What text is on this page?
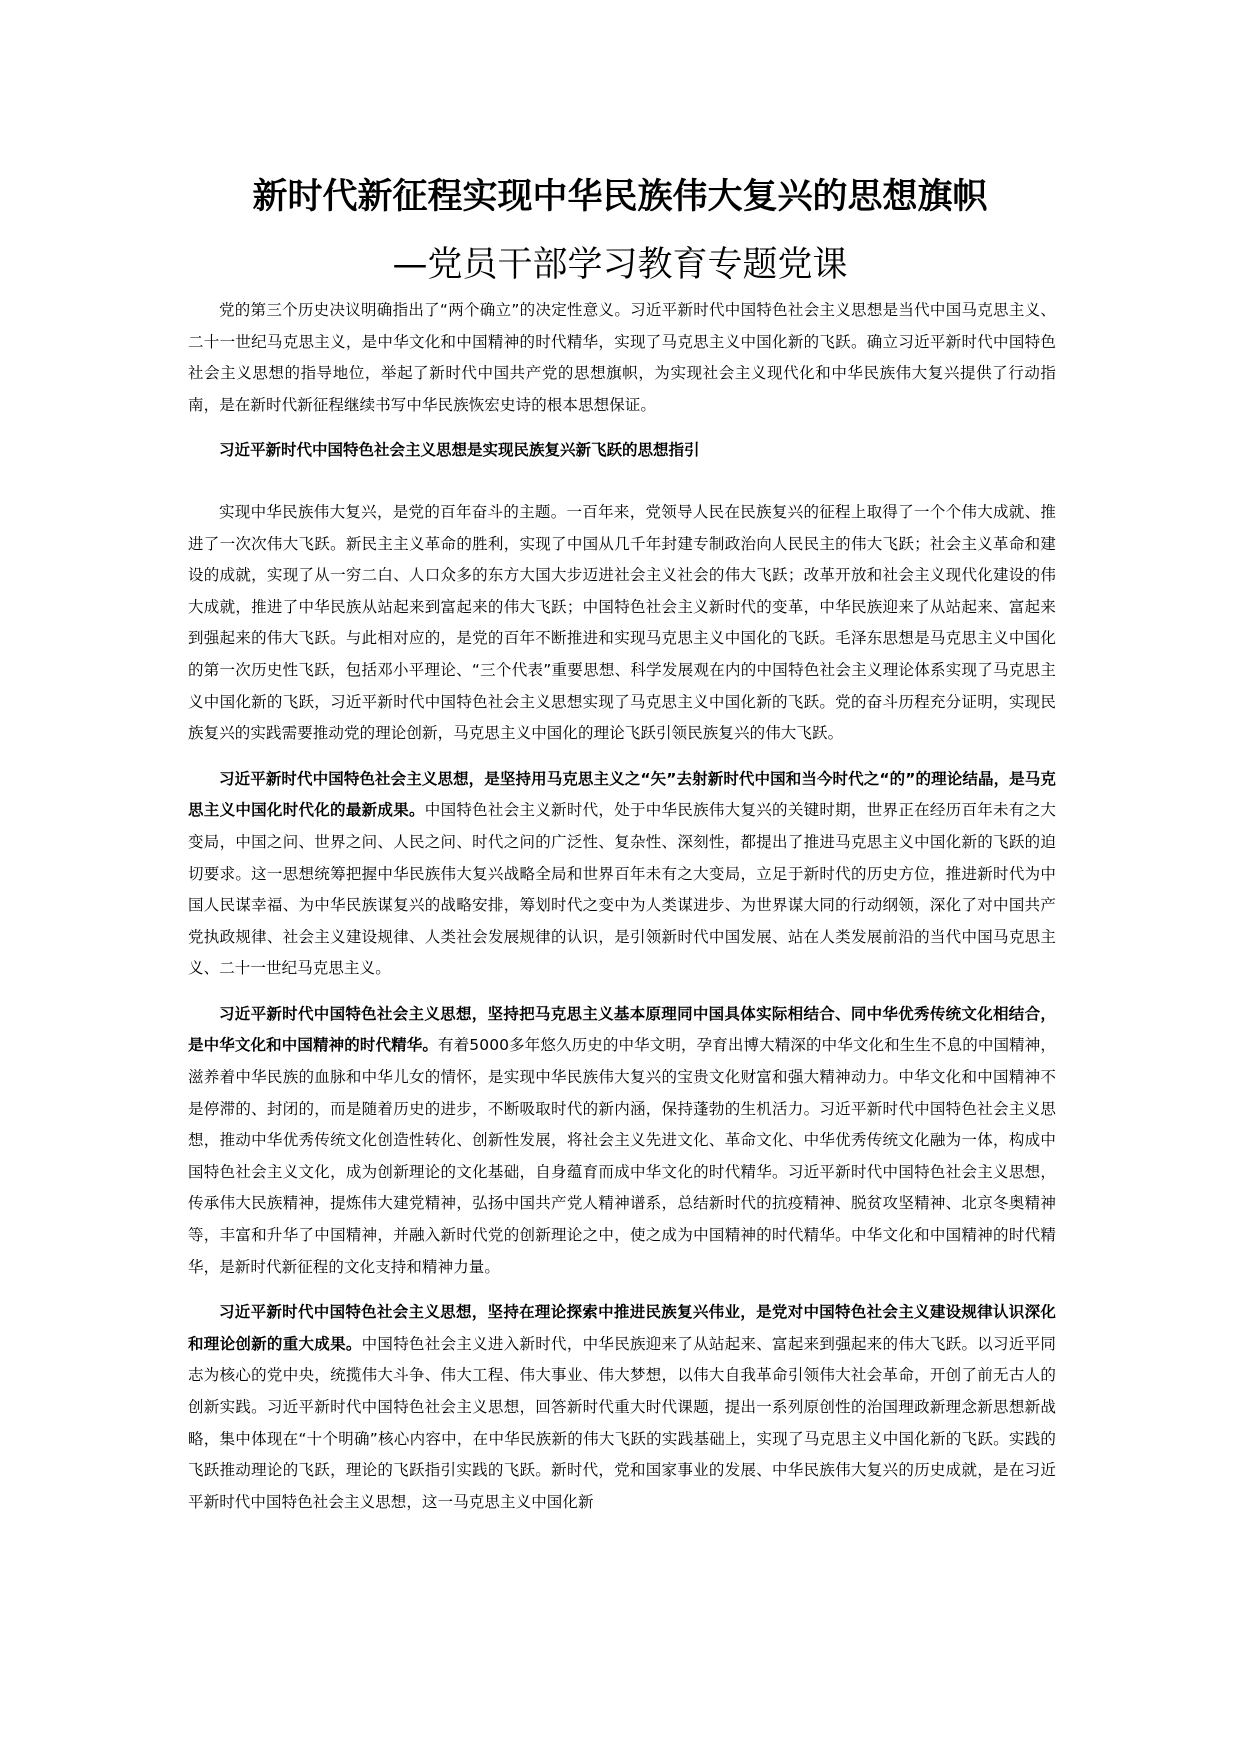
新时代新征程实现中华民族伟大复兴的思想旗帜
—党员干部学习教育专题党课

党的第三个历史决议明确指出了“两个确立”的决定性意义。习近平新时代中国特色社会主义思想是当代中国马克思主义、二十一世纪马克思主义，是中华文化和中国精神的时代精华，实现了马克思主义中国化新的飞跃。确立习近平新时代中国特色社会主义思想的指导地位，举起了新时代中国共产党的思想旗帜，为实现社会主义现代化和中华民族伟大复兴提供了行动指南，是在新时代新征程继续书写中华民族恢宏史诗的根本思想保证。

习近平新时代中国特色社会主义思想是实现民族复兴新飞跃的思想指引

实现中华民族伟大复兴，是党的百年奋斗的主题。一百年来，党领导人民在民族复兴的征程上取得了一个个伟大成就、推进了一次次伟大飞跃。新民主主义革命的胜利，实现了中国从几千年封建专制政治向人民民主的伟大飞跃；社会主义革命和建设的成就，实现了从一穷二白、人口众多的东方大国大步迈进社会主义社会的伟大飞跃；改革开放和社会主义现代化建设的伟大成就，推进了中华民族从站起来到富起来的伟大飞跃；中国特色社会主义新时代的变革，中华民族迎来了从站起来、富起来到强起来的伟大飞跃。与此相对应的，是党的百年不断推进和实现马克思主义中国化的飞跃。毛泽东思想是马克思主义中国化的第一次历史性飞跃，包括邓小平理论、“三个代表”重要思想、科学发展观在内的中国特色社会主义理论体系实现了马克思主义中国化新的飞跃，习近平新时代中国特色社会主义思想实现了马克思主义中国化新的飞跃。党的奋斗历程充分证明，实现民族复兴的实践需要推动党的理论创新，马克思主义中国化的理论飞跃引领民族复兴的伟大飞跃。

习近平新时代中国特色社会主义思想，是坚持用马克思主义之“矢”去射新时代中国和当今时代之“的”的理论结晶，是马克思主义中国化时代化的最新成果。中国特色社会主义新时代，处于中华民族伟大复兴的关键时期，世界正在经历百年未有之大变局，中国之问、世界之问、人民之问、时代之问的广泛性、复杂性、深刻性，都提出了推进马克思主义中国化新的飞跃的迫切要求。这一思想统筹把握中华民族伟大复兴战略全局和世界百年未有之大变局，立足于新时代的历史方位，推进新时代为中国人民谋幸福、为中华民族谋复兴的战略安排，筹划时代之变中为人类谋进步、为世界谋大同的行动纲领，深化了对中国共产党执政规律、社会主义建设规律、人类社会发展规律的认识，是引领新时代中国发展、站在人类发展前沿的当代中国马克思主义、二十一世纪马克思主义。

习近平新时代中国特色社会主义思想，坚持把马克思主义基本原理同中国具体实际相结合、同中华优秀传统文化相结合，是中华文化和中国精神的时代精华。有着5000多年悠久历史的中华文明，孕育出博大精深的中华文化和生生不息的中国精神，滋养着中华民族的血脉和中华儿女的情怀，是实现中华民族伟大复兴的宝贵文化财富和强大精神动力。中华文化和中国精神不是停滞的、封闭的，而是随着历史的进步，不断吸取时代的新内涵，保持蓬勃的生机活力。习近平新时代中国特色社会主义思想，推动中华优秀传统文化创造性转化、创新性发展，将社会主义先进文化、革命文化、中华优秀传统文化融为一体，构成中国特色社会主义文化，成为创新理论的文化基础，自身蕴育而成中华文化的时代精华。习近平新时代中国特色社会主义思想，传承伟大民族精神，提炼伟大建党精神，弘扬中国共产党人精神谱系，总结新时代的抗疫精神、脱贫攻坚精神、北京冬奥精神等，丰富和升华了中国精神，并融入新时代党的创新理论之中，使之成为中国精神的时代精华。中华文化和中国精神的时代精华，是新时代新征程的文化支持和精神力量。

习近平新时代中国特色社会主义思想，坚持在理论探索中推进民族复兴伟业，是党对中国特色社会主义建设规律认识深化和理论创新的重大成果。中国特色社会主义进入新时代，中华民族迎来了从站起来、富起来到强起来的伟大飞跃。以习近平同志为核心的党中央，统揽伟大斗争、伟大工程、伟大事业、伟大梦想，以伟大自我革命引领伟大社会革命，开创了前无古人的创新实践。习近平新时代中国特色社会主义思想，回答新时代重大时代课题，提出一系列原创性的治国理政新理念新思想新战略，集中体现在“十个明确”核心内容中，在中华民族新的伟大飞跃的实践基础上，实现了马克思主义中国化新的飞跃。实践的飞跃推动理论的飞跃，理论的飞跃指引实践的飞跃。新时代，党和国家事业的发展、中华民族伟大复兴的历史成就，是在习近平新时代中国特色社会主义思想，这一马克思主义中国化新
